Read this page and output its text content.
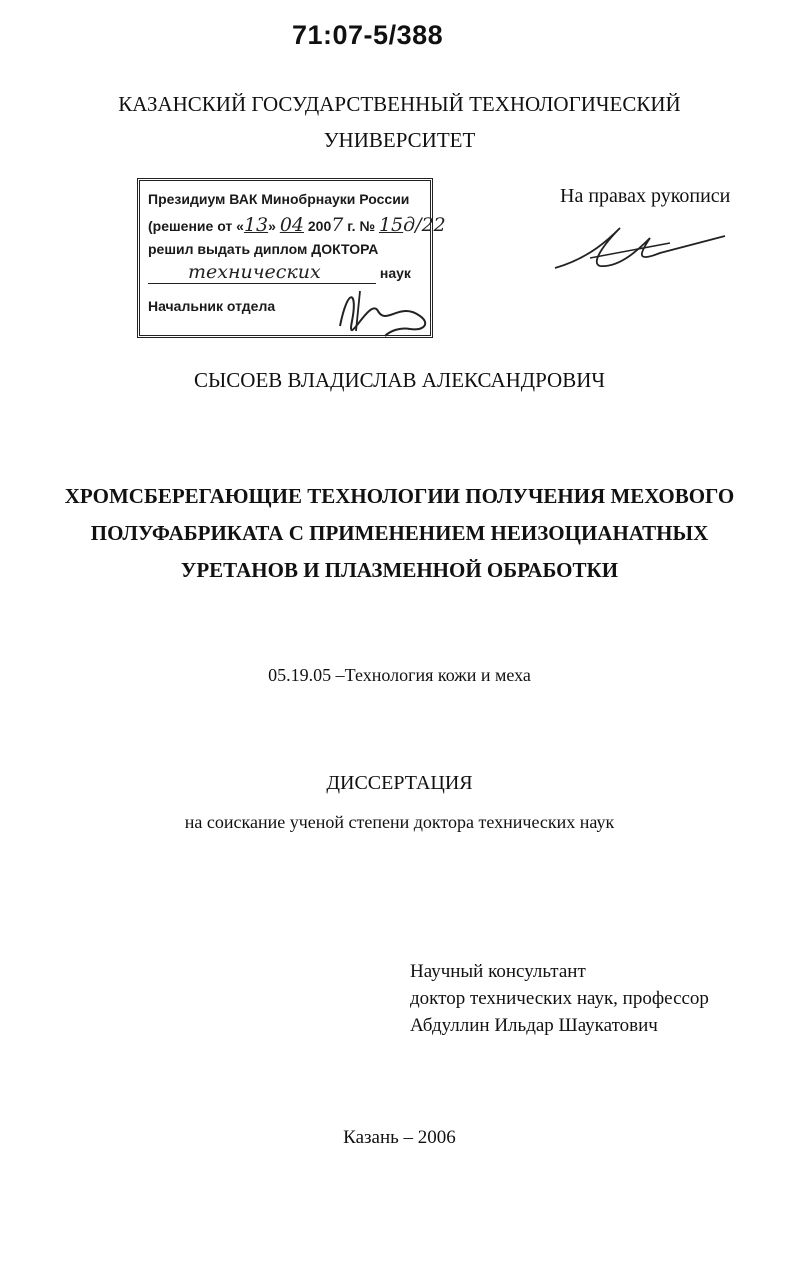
71:07-5/388
КАЗАНСКИЙ ГОСУДАРСТВЕННЫЙ ТЕХНОЛОГИЧЕСКИЙ
УНИВЕРСИТЕТ
Президиум ВАК Минобрнауки России
(решение от «13» 04 2007 г. № 15д/22
решил выдать диплом ДОКТОРА
технических	наук
Начальник отдела
На правах рукописи
СЫСОЕВ ВЛАДИСЛАВ АЛЕКСАНДРОВИЧ
ХРОМСБЕРЕГАЮЩИЕ ТЕХНОЛОГИИ ПОЛУЧЕНИЯ МЕХОВОГО
ПОЛУФАБРИКАТА С ПРИМЕНЕНИЕМ НЕИЗОЦИАНАТНЫХ
УРЕТАНОВ И ПЛАЗМЕННОЙ ОБРАБОТКИ
05.19.05 –Технология кожи и меха
ДИССЕРТАЦИЯ
на соискание ученой степени доктора технических наук
Научный консультант
доктор технических наук, профессор
Абдуллин Ильдар Шаукатович
Казань – 2006
